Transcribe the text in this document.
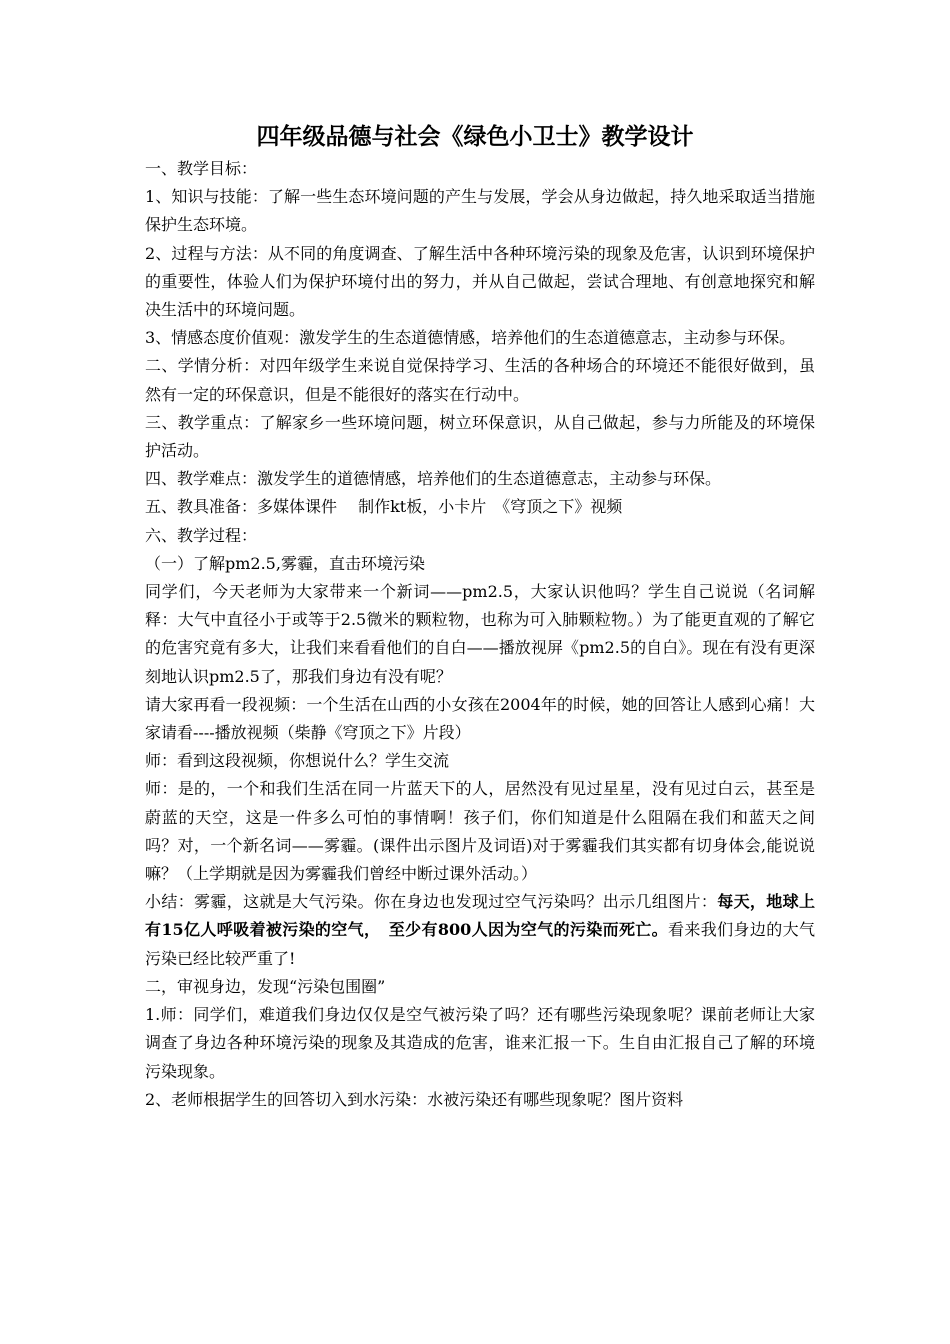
四年级品德与社会《绿色小卫士》教学设计

一、教学目标：

1、知识与技能：了解一些生态环境问题的产生与发展，学会从身边做起，持久地采取适当措施保护生态环境。

2、过程与方法：从不同的角度调查、了解生活中各种环境污染的现象及危害，认识到环境保护的重要性，体验人们为保护环境付出的努力，并从自己做起，尝试合理地、有创意地探究和解决生活中的环境问题。

3、情感态度价值观：激发学生的生态道德情感，培养他们的生态道德意志，主动参与环保。

二、学情分析：对四年级学生来说自觉保持学习、生活的各种场合的环境还不能很好做到，虽然有一定的环保意识，但是不能很好的落实在行动中。

三、教学重点：了解家乡一些环境问题，树立环保意识，从自己做起，参与力所能及的环境保护活动。

四、教学难点：激发学生的道德情感，培养他们的生态道德意志，主动参与环保。

五、教具准备：多媒体课件　 制作kt板，小卡片　《穹顶之下》视频

六、教学过程：

（一）了解pm2.5,雾霾，直击环境污染

同学们，今天老师为大家带来一个新词——pm2.5，大家认识他吗？学生自己说说（名词解释：大气中直径小于或等于2.5微米的颗粒物，也称为可入肺颗粒物。）为了能更直观的了解它的危害究竟有多大，让我们来看看他们的自白——播放视屏《pm2.5的自白》。现在有没有更深刻地认识pm2.5了，那我们身边有没有呢？

请大家再看一段视频：一个生活在山西的小女孩在2004年的时候，她的回答让人感到心痛！大家请看----播放视频（柴静《穹顶之下》片段）

师：看到这段视频，你想说什么？学生交流

师：是的，一个和我们生活在同一片蓝天下的人，居然没有见过星星，没有见过白云，甚至是蔚蓝的天空，这是一件多么可怕的事情啊！孩子们，你们知道是什么阻隔在我们和蓝天之间吗？对，一个新名词——雾霾。(课件出示图片及词语)对于雾霾我们其实都有切身体会,能说说嘛？（上学期就是因为雾霾我们曾经中断过课外活动。）

小结：雾霾，这就是大气污染。你在身边也发现过空气污染吗？出示几组图片：每天，地球上有15亿人呼吸着被污染的空气，　至少有800人因为空气的污染而死亡。看来我们身边的大气污染已经比较严重了!

二，审视身边，发现“污染包围圈”

1.师：同学们，难道我们身边仅仅是空气被污染了吗？还有哪些污染现象呢？课前老师让大家调查了身边各种环境污染的现象及其造成的危害，谁来汇报一下。生自由汇报自己了解的环境污染现象。

2、老师根据学生的回答切入到水污染：水被污染还有哪些现象呢？图片资料
